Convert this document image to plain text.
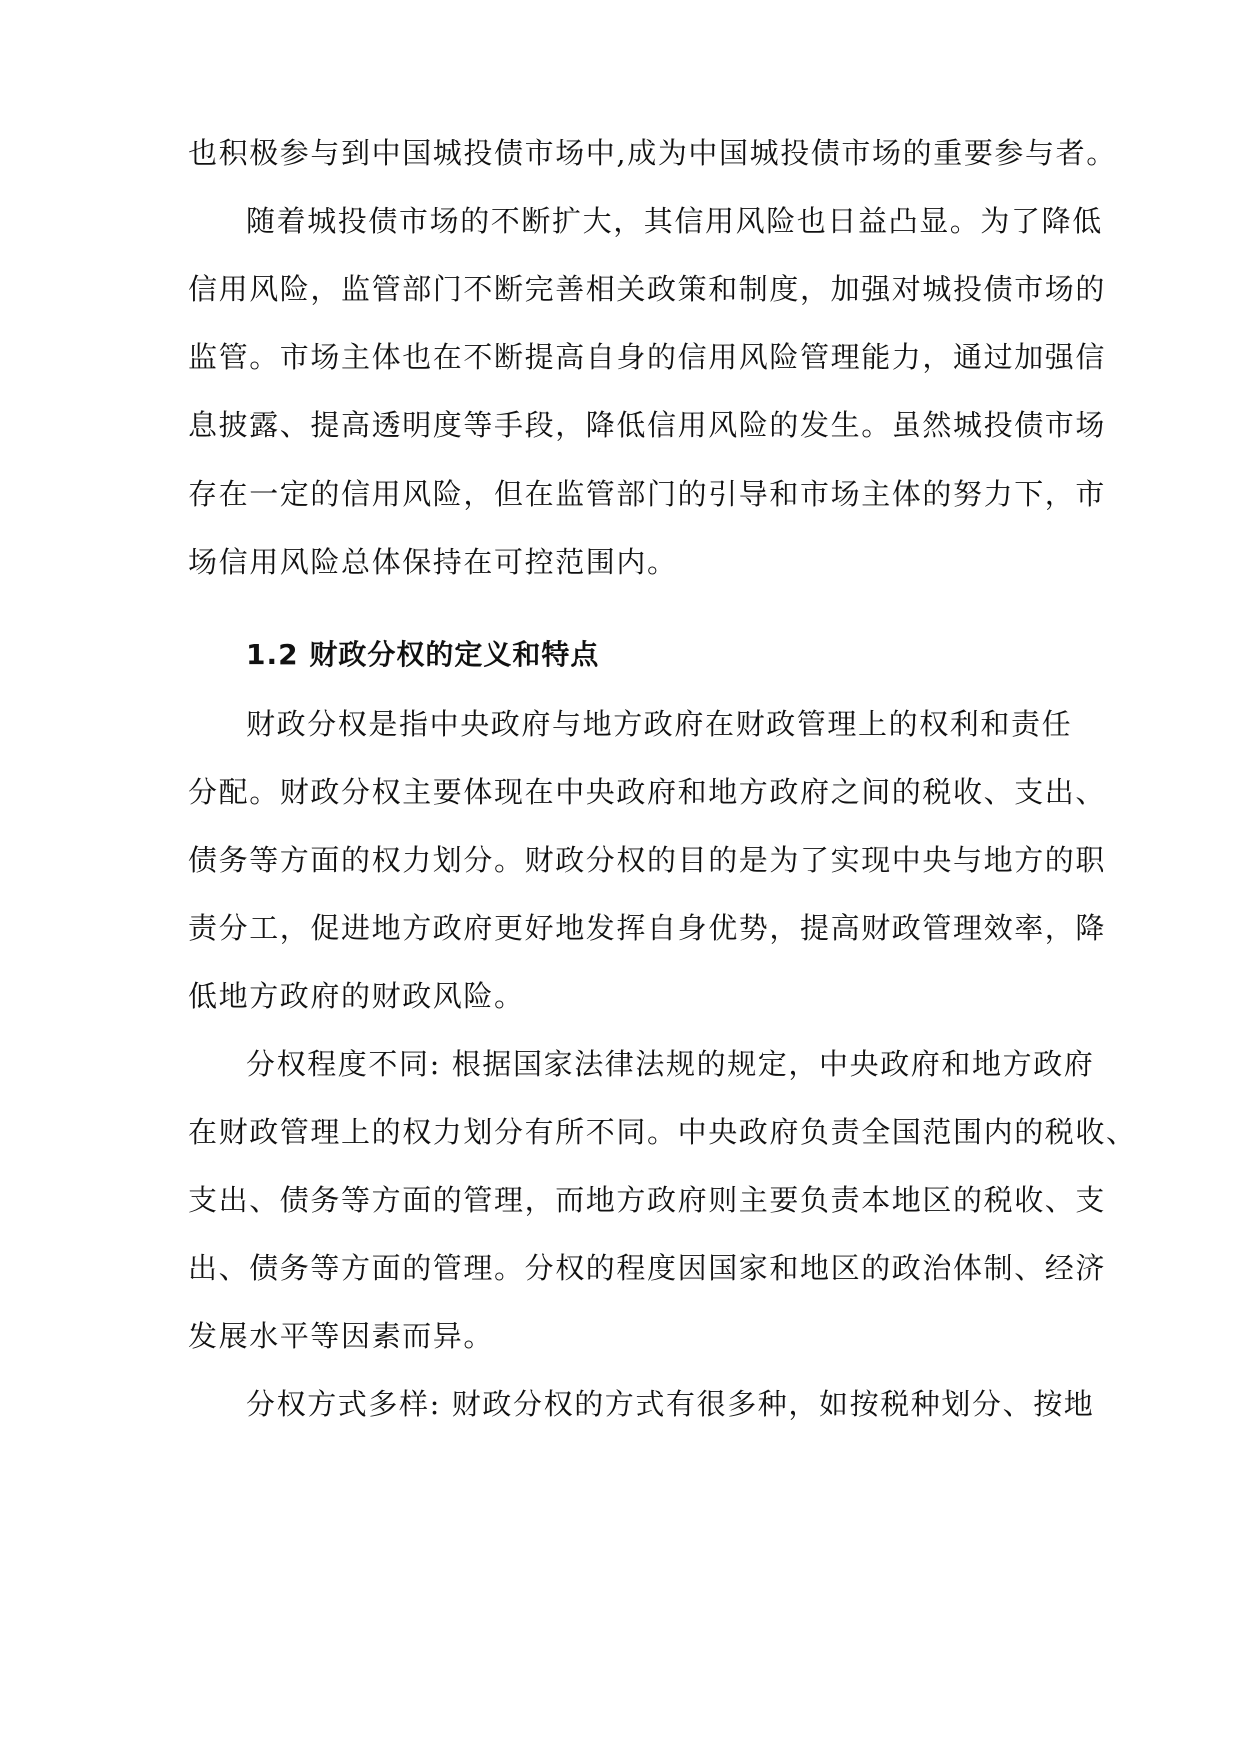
也积极参与到中国城投债市场中,成为中国城投债市场的重要参与者。
随着城投债市场的不断扩大，其信用风险也日益凸显。为了降低
信用风险，监管部门不断完善相关政策和制度，加强对城投债市场的
监管。市场主体也在不断提高自身的信用风险管理能力，通过加强信
息披露、提高透明度等手段，降低信用风险的发生。虽然城投债市场
存在一定的信用风险，但在监管部门的引导和市场主体的努力下，市
场信用风险总体保持在可控范围内。
1.2 财政分权的定义和特点
财政分权是指中央政府与地方政府在财政管理上的权利和责任
分配。财政分权主要体现在中央政府和地方政府之间的税收、支出、
债务等方面的权力划分。财政分权的目的是为了实现中央与地方的职
责分工，促进地方政府更好地发挥自身优势，提高财政管理效率，降
低地方政府的财政风险。
分权程度不同: 根据国家法律法规的规定，中央政府和地方政府
在财政管理上的权力划分有所不同。中央政府负责全国范围内的税收、
支出、债务等方面的管理，而地方政府则主要负责本地区的税收、支
出、债务等方面的管理。分权的程度因国家和地区的政治体制、经济
发展水平等因素而异。
分权方式多样: 财政分权的方式有很多种，如按税种划分、按地
